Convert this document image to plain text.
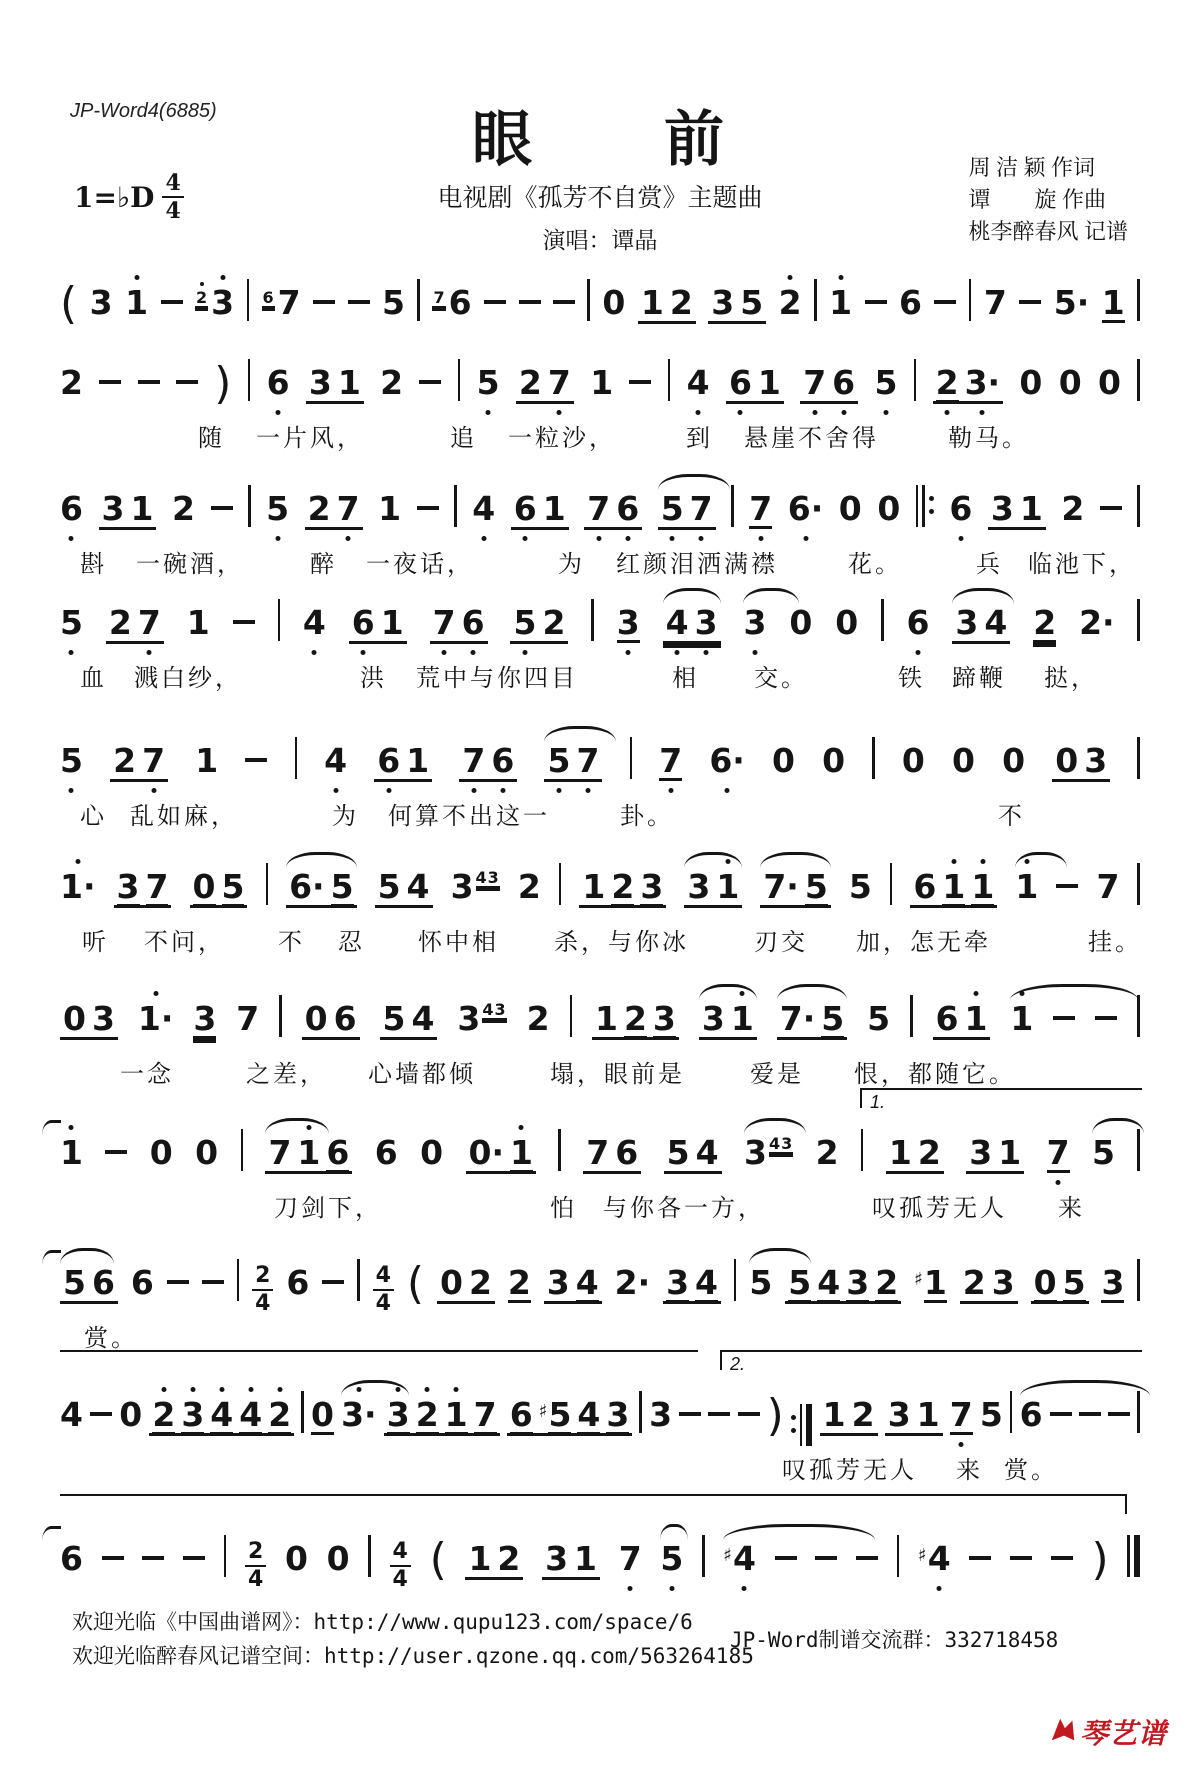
JP-Word4(6885)	眼　　前
1=♭D $\frac{4}{4}$	电视剧《孤芳不自赏》主题曲
演唱：谭晶
周 洁 颖 作词
谭　　旋 作曲
桃李醉春风 记谱
( 3 1	2 3 6 7 5 7 6	0 1 2 3 5 2 1 6 7 5· 1
2	) 6 3 1 2 5 2 7 1 4 6 1 7 6 5 2 3· 0 0 0
随 一片风，	追 一粒沙，	到 悬崖不舍得	勒马。
6 3 1 2 5 2 7 1 4 6 1 7 6 5 7 7 6· 0 0 6 3 1 2
斟 一碗酒，	醉 一夜话，	为 红颜泪洒满襟	花。	兵 临池下，
5 2 7 1	4 6 1 7 6 5 2 3 4 3 3 0 0 6 3 4 2 2·
血 溅白纱，	洪 荒中与你四目	相 交。	铁 蹄鞭 挞，
5 2 7 1	4 6 1 7 6 5 7 7 6· 0 0 0 0 0 0 3
心 乱如麻，	为 何算不出这一	卦。	不
1· 3 7 0 5 6· 5 5 4 3 43 2 1 2 3 3 1 7· 5 5 6 1 1 1 7
听 不问， 不 忍 怀中相 杀，与你冰	刃交 加，怎无牵	挂。
0 3 1· 3 7 0 6 5 4 3 43 2 1 2 3 3 1 7· 5 5 6 1 1
一念	之差， 心墙都倾	塌，眼前是	爱是 恨，都随它。
1 0 0 7 1 6 6 0 0· 1 7 6 5 4 3 43 2 1 2 3 1 7 5
1.
刀剑下，	怕 与你各一方，	叹孤芳无人 来
5 6 6	$\frac{2}{4} 6$	$\frac{4}{4}$ ( 0 2 2 3 4 2· 3 4 5 5 4 3 2 ♯1 2 3 0 5 3
赏。
4 0 2 3 4 4 2 0 3· 3 2 1 7 6 ♯5 4 3 3 ) 1 2 3 1 7 5 6
2.
叹孤芳无人 来 赏。
6	$\frac{2}{4} 0$ $0 \frac{4}{4}$ ( 1 2 3 1 7 5 ♯4	♯4	)
欢迎光临《中国曲谱网》：http://www.qupu123.com/space/6
欢迎光临醉春风记谱空间：http://user.qzone.qq.com/563264185
JP-Word制谱交流群：332718458
琴艺谱
